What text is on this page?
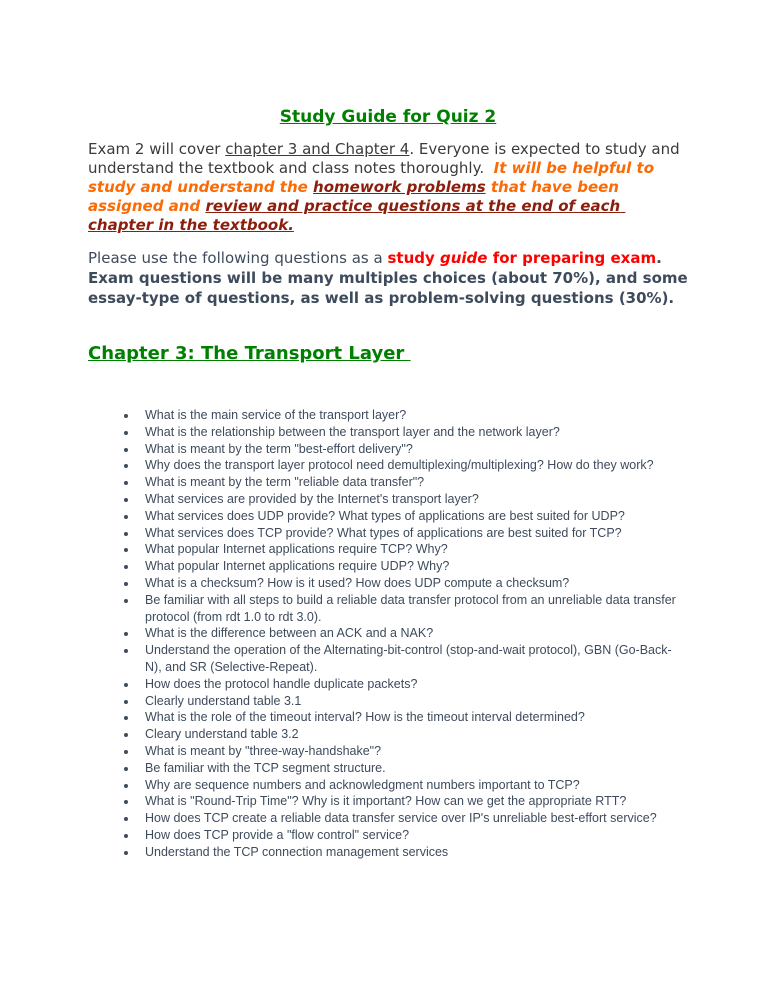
Study Guide for Quiz 2

Exam 2 will cover chapter 3 and Chapter 4. Everyone is expected to study and understand the textbook and class notes thoroughly.  It will be helpful to study and understand the homework problems that have been assigned and review and practice questions at the end of each chapter in the textbook.

Please use the following questions as a study guide for preparing exam. Exam questions will be many multiples choices (about 70%), and some essay-type of questions, as well as problem-solving questions (30%).

Chapter 3: The Transport Layer
• What is the main service of the transport layer?
• What is the relationship between the transport layer and the network layer?
• What is meant by the term "best-effort delivery"?
• Why does the transport layer protocol need demultiplexing/multiplexing? How do they work?
• What is meant by the term "reliable data transfer"?
• What services are provided by the Internet's transport layer?
• What services does UDP provide? What types of applications are best suited for UDP?
• What services does TCP provide? What types of applications are best suited for TCP?
• What popular Internet applications require TCP? Why?
• What popular Internet applications require UDP? Why?
• What is a checksum? How is it used? How does UDP compute a checksum?
• Be familiar with all steps to build a reliable data transfer protocol from an unreliable data transfer protocol (from rdt 1.0 to rdt 3.0).
• What is the difference between an ACK and a NAK?
• Understand the operation of the Alternating-bit-control (stop-and-wait protocol), GBN (Go-Back-N), and SR (Selective-Repeat).
• How does the protocol handle duplicate packets?
• Clearly understand table 3.1
• What is the role of the timeout interval? How is the timeout interval determined?
• Cleary understand table 3.2
• What is meant by "three-way-handshake"?
• Be familiar with the TCP segment structure.
• Why are sequence numbers and acknowledgment numbers important to TCP?
• What is "Round-Trip Time"? Why is it important? How can we get the appropriate RTT?
• How does TCP create a reliable data transfer service over IP's unreliable best-effort service?
• How does TCP provide a "flow control" service?
• Understand the TCP connection management services
